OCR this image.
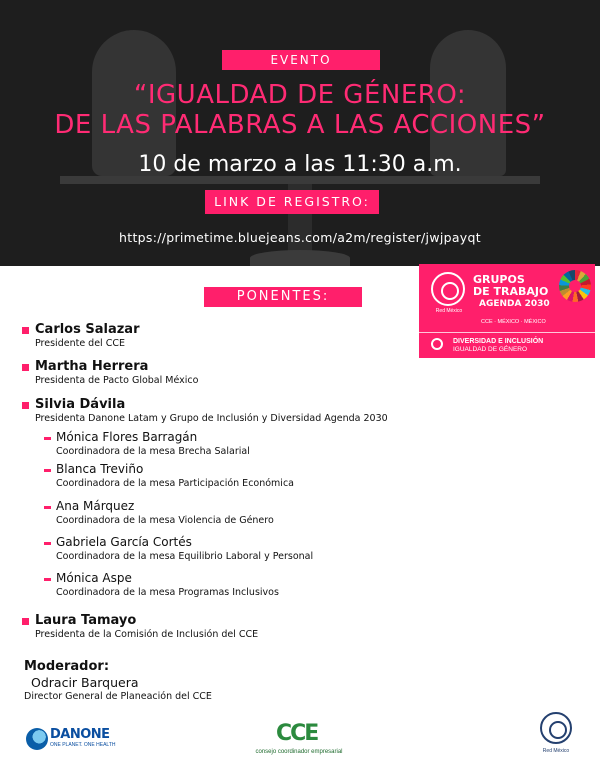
EVENTO
“IGUALDAD DE GÉNERO:
DE LAS PALABRAS A LAS ACCIONES”
10 de marzo a las 11:30 a.m.
LINK DE REGISTRO:
https://primetime.bluejeans.com/a2m/register/jwjpayqt
Red México
GRUPOS
DE TRABAJO
AGENDA 2030
CCE · MÉXICO · MÉXICO
DIVERSIDAD E INCLUSIÓN
IGUALDAD DE GÉNERO
PONENTES:
Carlos Salazar
Presidente del CCE
Martha Herrera
Presidenta de Pacto Global México
Silvia Dávila
Presidenta Danone Latam y Grupo de Inclusión y Diversidad Agenda 2030
Mónica Flores Barragán
Coordinadora de la mesa Brecha Salarial
Blanca Treviño
Coordinadora de la mesa Participación Económica
Ana Márquez
Coordinadora de la mesa Violencia de Género
Gabriela García Cortés
Coordinadora de la mesa Equilibrio Laboral y Personal
Mónica Aspe
Coordinadora de la mesa Programas Inclusivos
Laura Tamayo
Presidenta de la Comisión de Inclusión del CCE
Moderador:
Odracir Barquera
Director General de Planeación del CCE
DANONE
ONE PLANET. ONE HEALTH	CCE
consejo coordinador empresarial	Red México
